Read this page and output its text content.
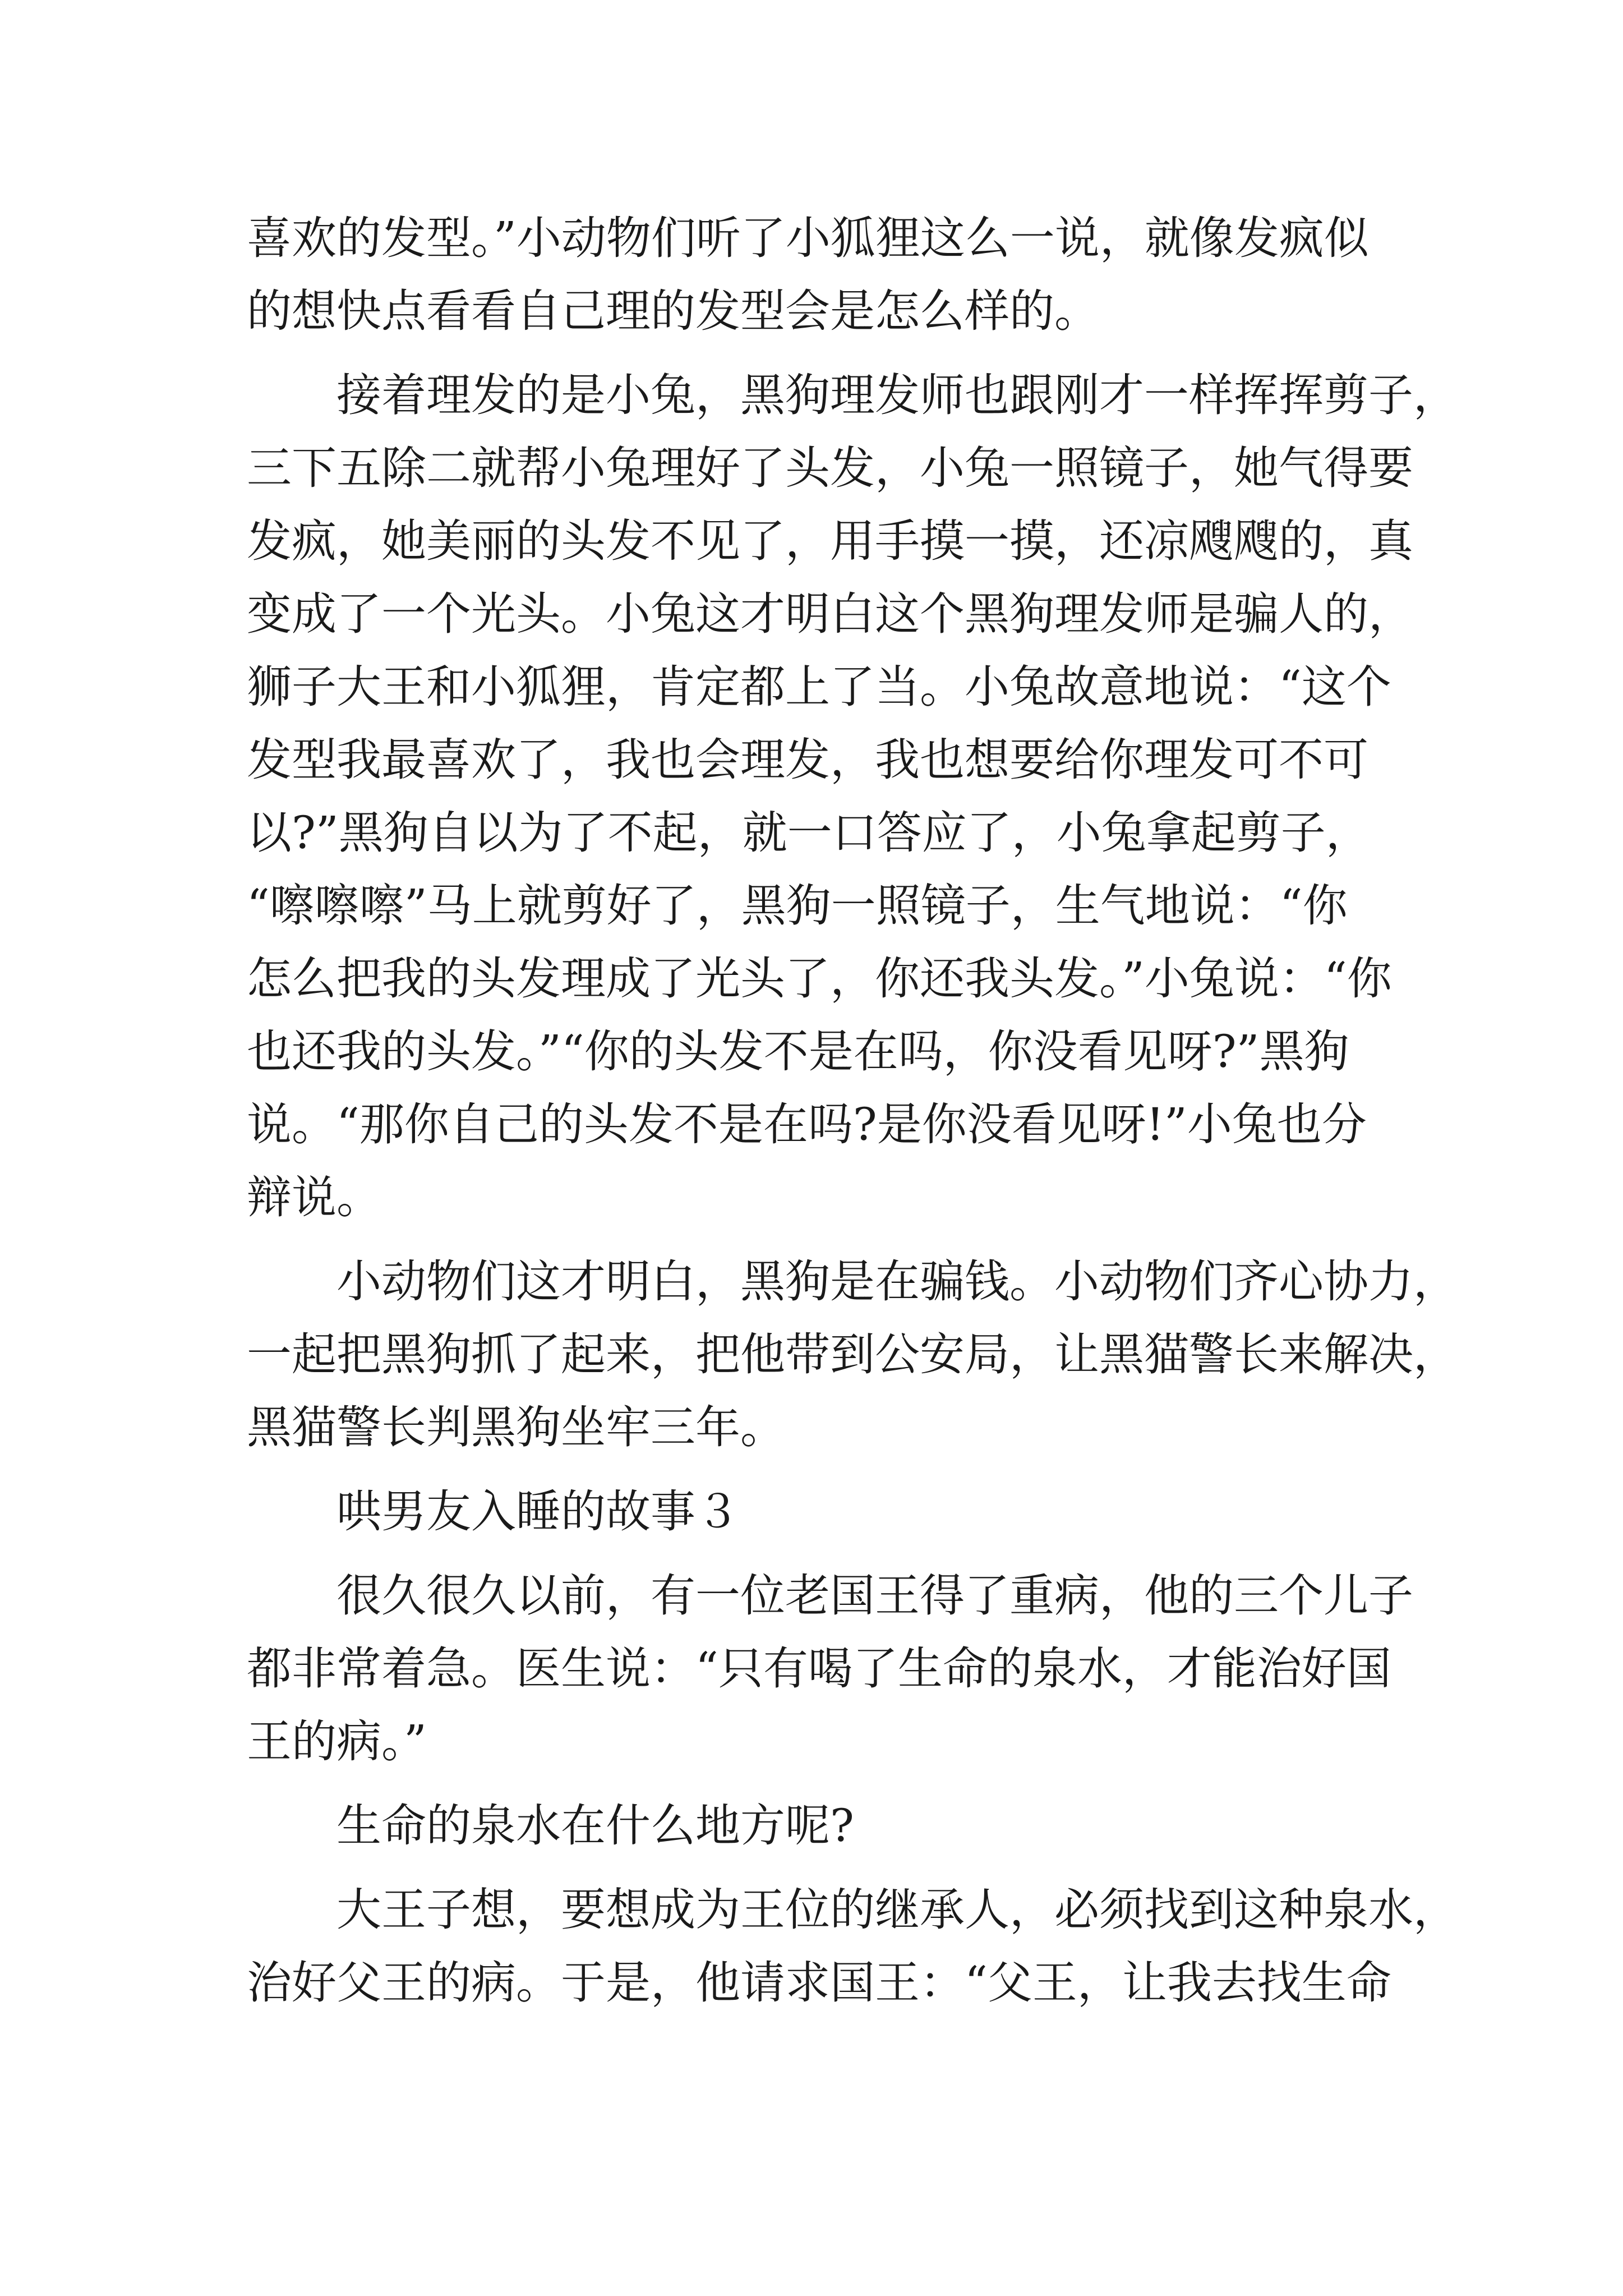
喜欢的发型。”小动物们听了小狐狸这么一说，就像发疯似

的想快点看看自己理的发型会是怎么样的。

接着理发的是小兔，黑狗理发师也跟刚才一样挥挥剪子，

三下五除二就帮小兔理好了头发，小兔一照镜子，她气得要

发疯，她美丽的头发不见了，用手摸一摸，还凉飕飕的，真

变成了一个光头。小兔这才明白这个黑狗理发师是骗人的，

狮子大王和小狐狸，肯定都上了当。小兔故意地说：“这个

发型我最喜欢了，我也会理发，我也想要给你理发可不可

以?”黑狗自以为了不起，就一口答应了，小兔拿起剪子，

“嚓嚓嚓”马上就剪好了，黑狗一照镜子，生气地说：“你

怎么把我的头发理成了光头了，你还我头发。”小兔说：“你

也还我的头发。”“你的头发不是在吗，你没看见呀?”黑狗

说。“那你自己的头发不是在吗?是你没看见呀!”小兔也分

辩说。

小动物们这才明白，黑狗是在骗钱。小动物们齐心协力，

一起把黑狗抓了起来，把他带到公安局，让黑猫警长来解决，

黑猫警长判黑狗坐牢三年。

哄男友入睡的故事３

很久很久以前，有一位老国王得了重病，他的三个儿子

都非常着急。医生说：“只有喝了生命的泉水，才能治好国

王的病。”

生命的泉水在什么地方呢?

大王子想，要想成为王位的继承人，必须找到这种泉水，

治好父王的病。于是，他请求国王：“父王，让我去找生命
